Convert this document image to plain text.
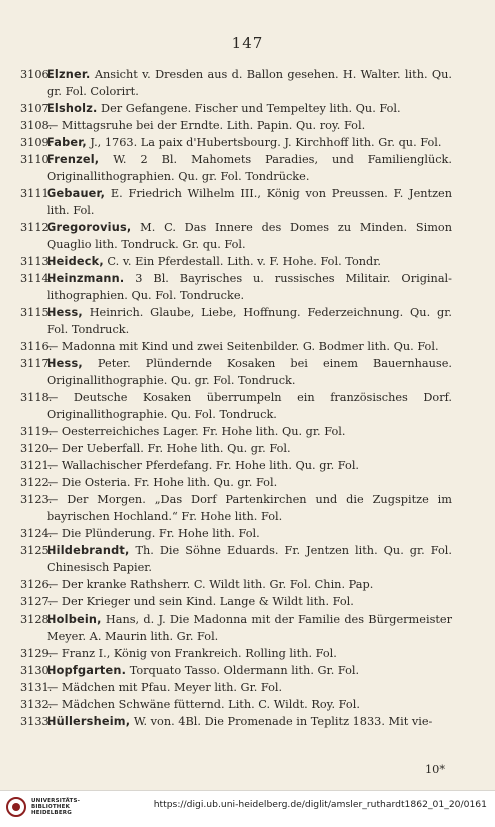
147

3106.Elzner. Ansicht v. Dresden aus d. Ballon gesehen. H. Walter. lith. Qu. gr. Fol. Colorirt.

3107.Elsholz. Der Gefangene. Fischer und Tempeltey lith. Qu. Fol.

3108.— Mittagsruhe bei der Erndte. Lith. Papin. Qu. roy. Fol.

3109.Faber, J., 1763. La paix d'Hubertsbourg. J. Kirchhoff lith. Gr. qu. Fol.

3110.Frenzel, W. 2 Bl. Mahomets Paradies, und Familienglück. Originallithographien. Qu. gr. Fol. Tondrücke.

3111.Gebauer, E. Friedrich Wilhelm III., König von Preussen. F. Jentzen lith. Fol.

3112.Gregorovius, M. C. Das Innere des Domes zu Minden. Simon Quaglio lith. Tondruck. Gr. qu. Fol.

3113.Heideck, C. v. Ein Pferdestall. Lith. v. F. Hohe. Fol. Tondr.

3114.Heinzmann. 3 Bl. Bayrisches u. russisches Militair. Original-lithographien. Qu. Fol. Tondrucke.

3115.Hess, Heinrich. Glaube, Liebe, Hoffnung. Federzeichnung. Qu. gr. Fol. Tondruck.

3116.— Madonna mit Kind und zwei Seitenbilder. G. Bodmer lith. Qu. Fol.

3117.Hess, Peter. Plündernde Kosaken bei einem Bauernhause. Originallithographie. Qu. gr. Fol. Tondruck.

3118.— Deutsche Kosaken überrumpeln ein französisches Dorf. Originallithographie. Qu. Fol. Tondruck.

3119.— Oesterreichiches Lager. Fr. Hohe lith. Qu. gr. Fol.

3120.— Der Ueberfall. Fr. Hohe lith. Qu. gr. Fol.

3121.— Wallachischer Pferdefang. Fr. Hohe lith. Qu. gr. Fol.

3122.— Die Osteria. Fr. Hohe lith. Qu. gr. Fol.

3123.— Der Morgen. „Das Dorf Partenkirchen und die Zugspitze im bayrischen Hochland.“ Fr. Hohe lith. Fol.

3124.— Die Plünderung. Fr. Hohe lith. Fol.

3125.Hildebrandt, Th. Die Söhne Eduards. Fr. Jentzen lith. Qu. gr. Fol. Chinesisch Papier.

3126.— Der kranke Rathsherr. C. Wildt lith. Gr. Fol. Chin. Pap.

3127.— Der Krieger und sein Kind. Lange & Wildt lith. Fol.

3128.Holbein, Hans, d. J. Die Madonna mit der Familie des Bürgermeister Meyer. A. Maurin lith. Gr. Fol.

3129.— Franz I., König von Frankreich. Rolling lith. Fol.

3130.Hopfgarten. Torquato Tasso. Oldermann lith. Gr. Fol.

3131.— Mädchen mit Pfau. Meyer lith. Gr. Fol.

3132.— Mädchen Schwäne fütternd. Lith. C. Wildt. Roy. Fol.

3133.Hüllersheim, W. von. 4Bl. Die Promenade in Teplitz 1833. Mit vie-

10*
UNIVERSITÄTS-
BIBLIOTHEK
HEIDELBERG
https://digi.ub.uni-heidelberg.de/diglit/amsler_ruthardt1862_01_20/0161
